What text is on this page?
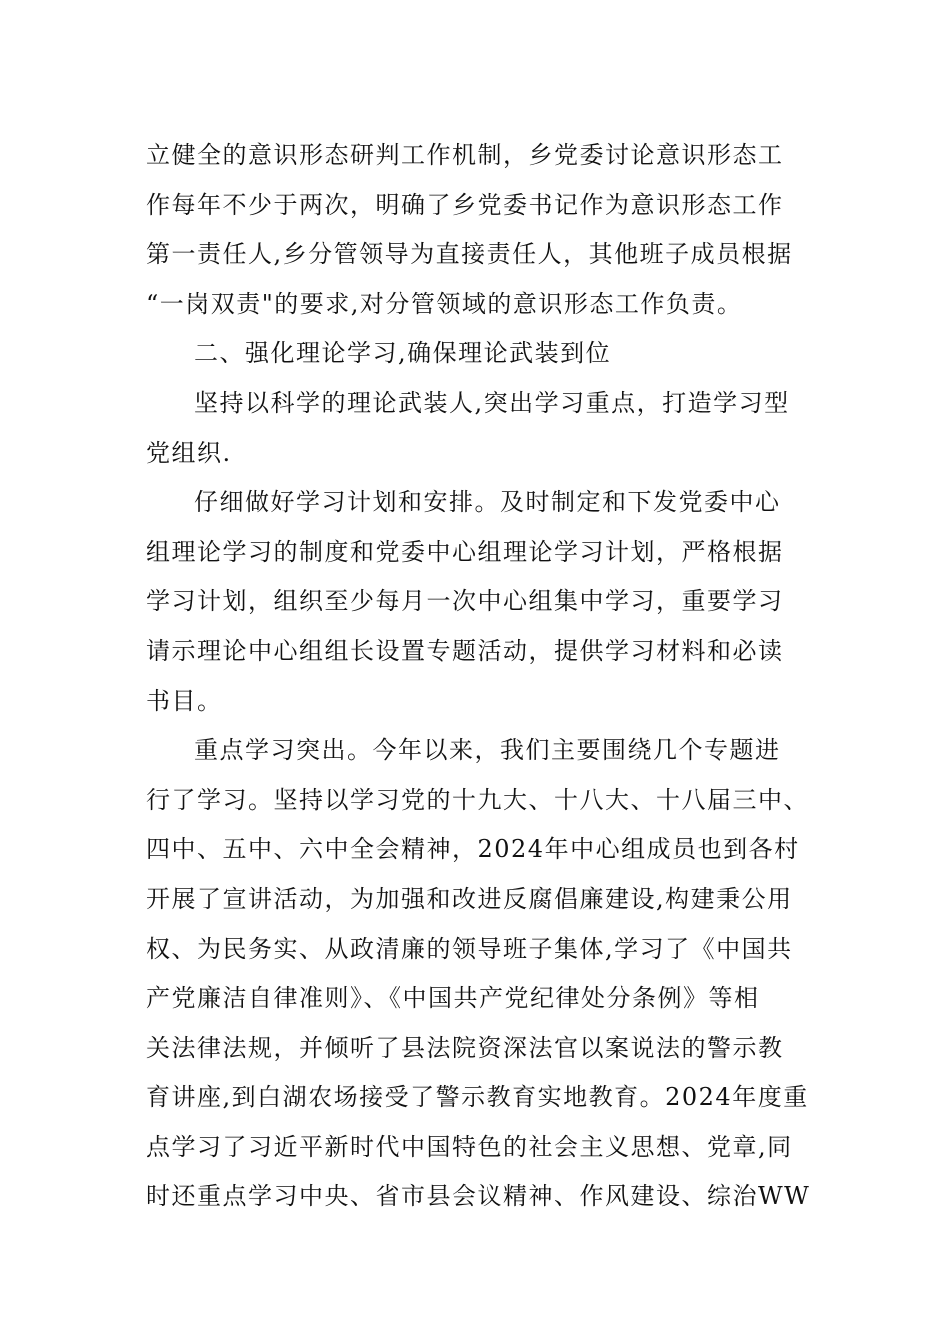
立健全的意识形态研判工作机制，乡党委讨论意识形态工
作每年不少于两次，明确了乡党委书记作为意识形态工作
第一责任人,乡分管领导为直接责任人，其他班子成员根据
“一岗双责"的要求,对分管领域的意识形态工作负责。
二、强化理论学习,确保理论武装到位
坚持以科学的理论武装人,突出学习重点，打造学习型
党组织.
仔细做好学习计划和安排。及时制定和下发党委中心
组理论学习的制度和党委中心组理论学习计划，严格根据
学习计划，组织至少每月一次中心组集中学习，重要学习
请示理论中心组组长设置专题活动，提供学习材料和必读
书目。
重点学习突出。今年以来，我们主要围绕几个专题进
行了学习。坚持以学习党的十九大、十八大、十八届三中、
四中、五中、六中全会精神，2024年中心组成员也到各村
开展了宣讲活动，为加强和改进反腐倡廉建设,构建秉公用
权、为民务实、从政清廉的领导班子集体,学习了《中国共
产党廉洁自律准则》、《中国共产党纪律处分条例》等相
关法律法规，并倾听了县法院资深法官以案说法的警示教
育讲座,到白湖农场接受了警示教育实地教育。2024年度重
点学习了习近平新时代中国特色的社会主义思想、党章,同
时还重点学习中央、省市县会议精神、作风建设、综治WW
